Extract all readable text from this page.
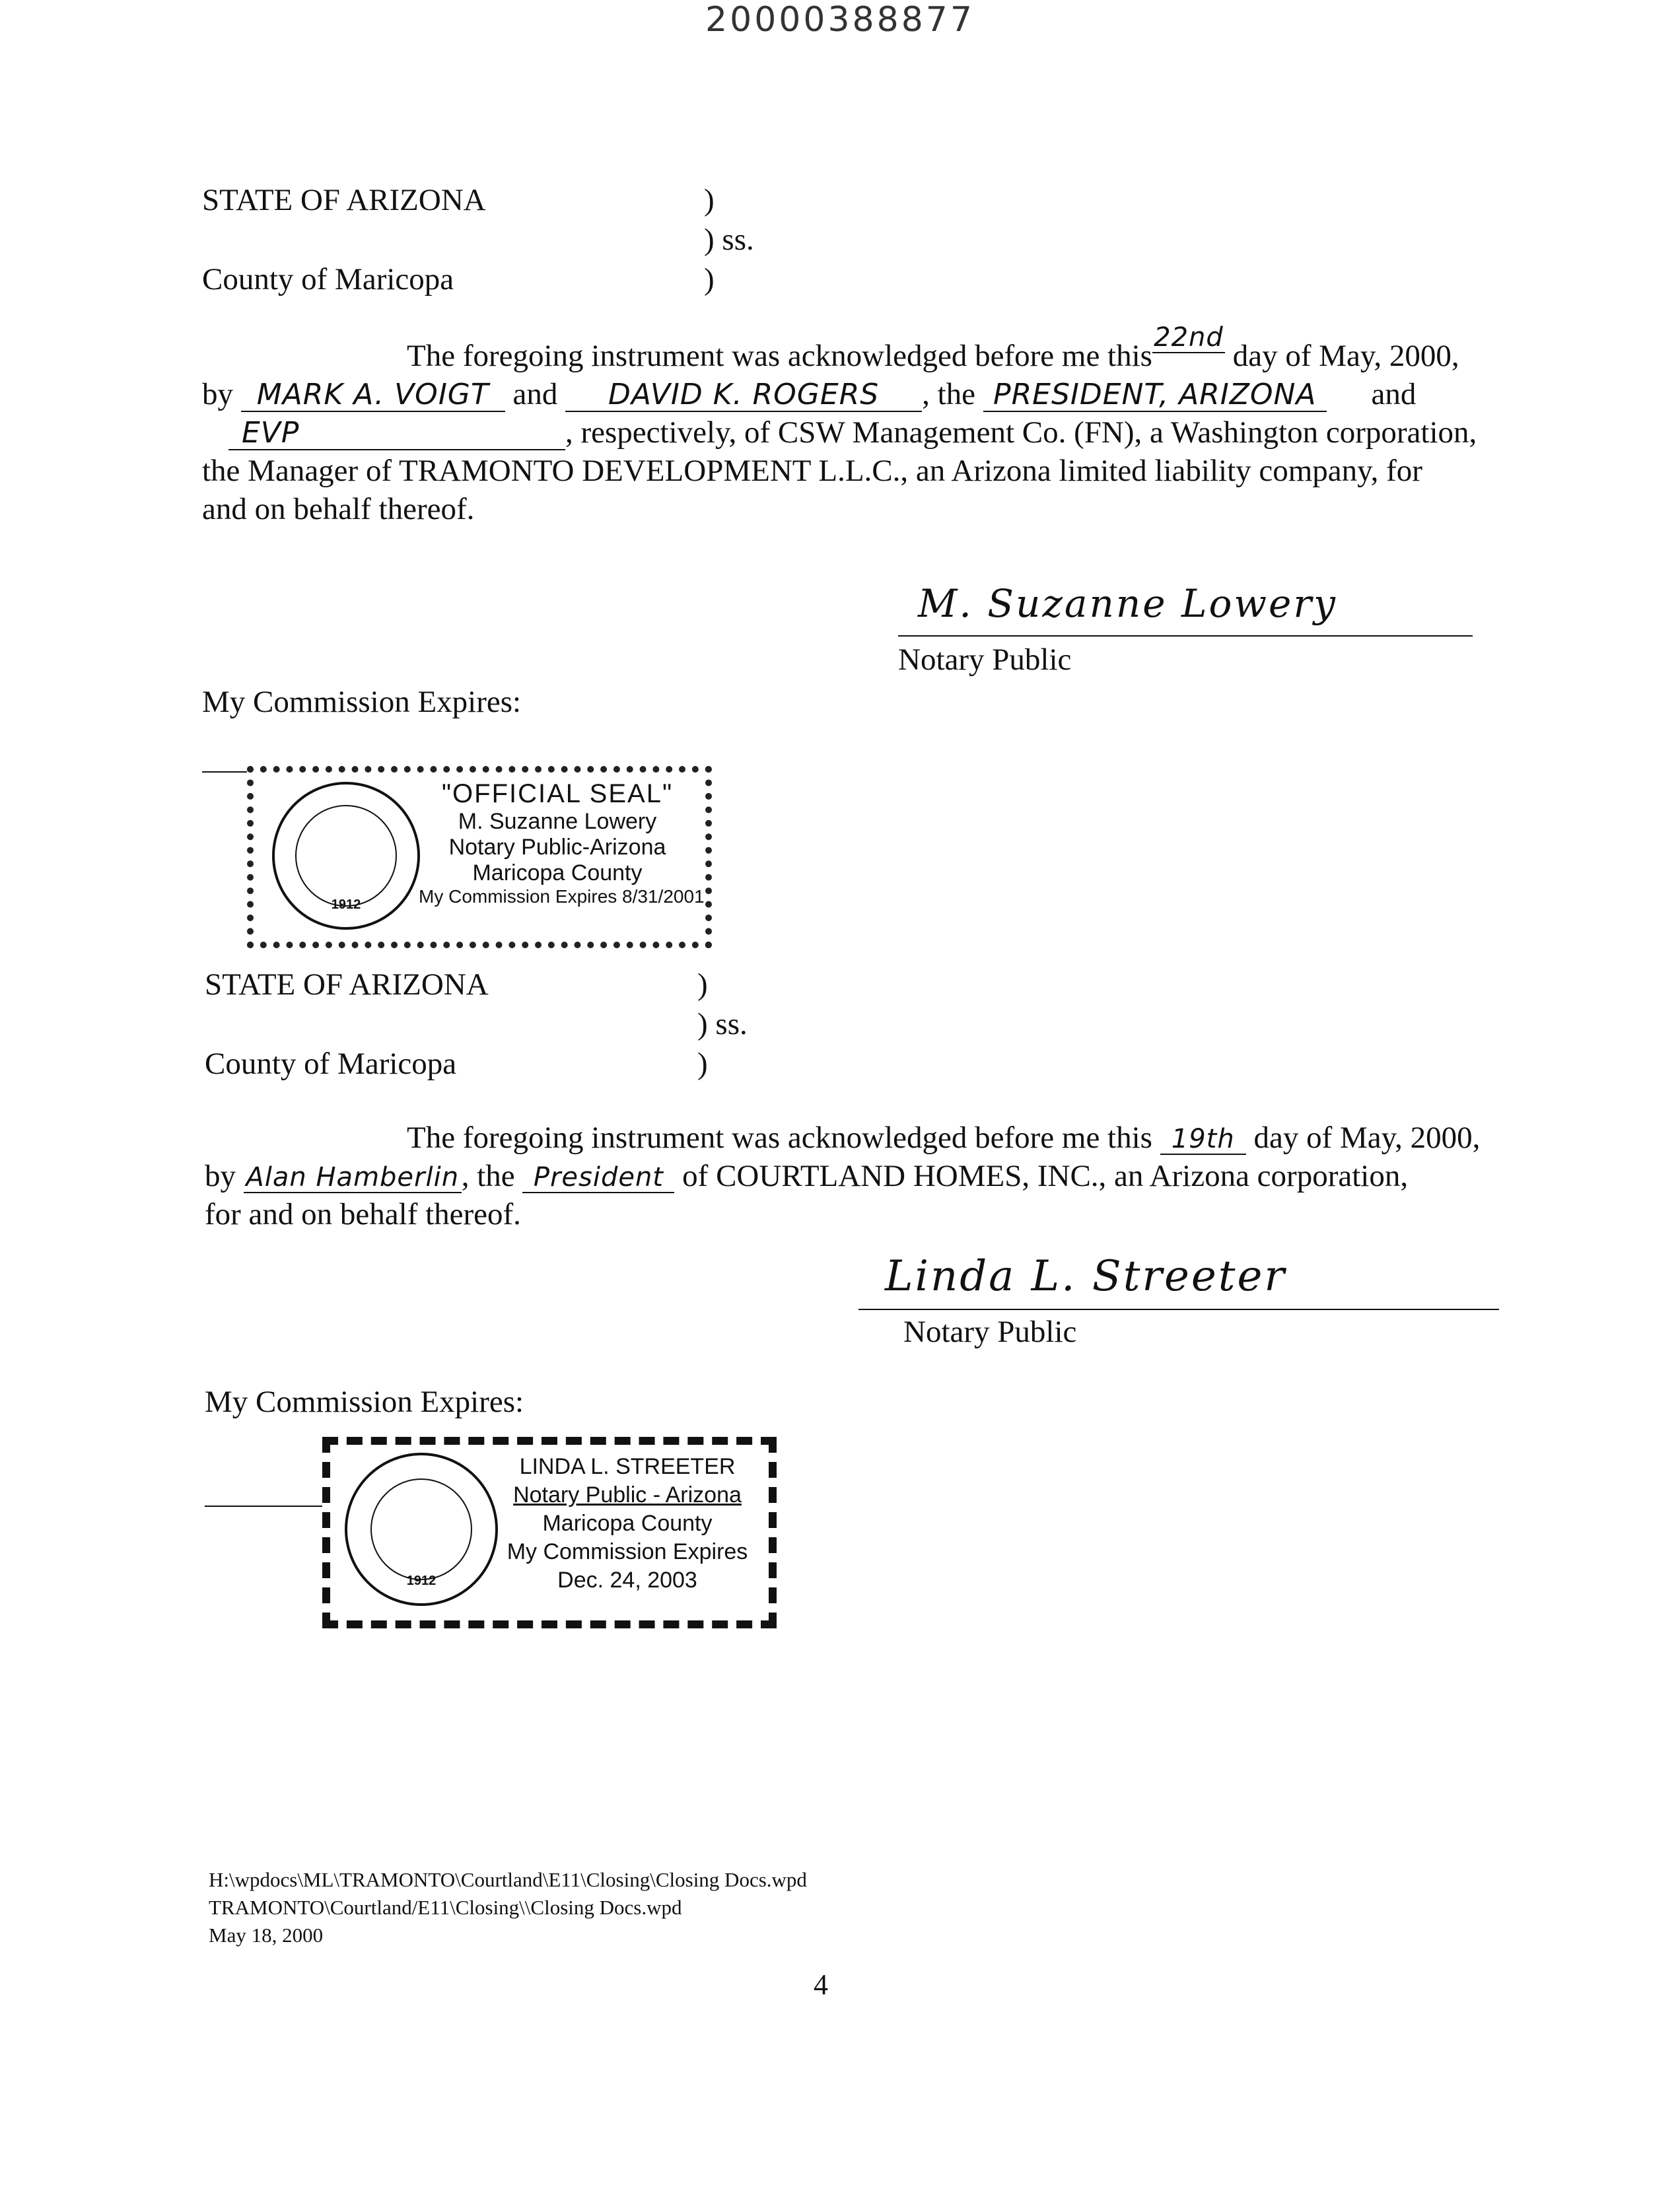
20000388877
STATE OF ARIZONA	)
) ss.
County of Maricopa	)
The foregoing instrument was acknowledged before me this22nd day of May, 2000,
by MARK A. VOIGT and DAVID K. ROGERS , the PRESIDENT, ARIZONA and
EVP	, respectively, of CSW Management Co. (FN), a Washington corporation,
the Manager of TRAMONTO DEVELOPMENT L.L.C., an Arizona limited liability company, for
and on behalf thereof.
M. Suzanne Lowery
Notary Public
My Commission Expires:
1912
"OFFICIAL SEAL"
M. Suzanne Lowery
Notary Public-Arizona
Maricopa County
My Commission Expires 8/31/2001
STATE OF ARIZONA	)
) ss.
County of Maricopa	)
The foregoing instrument was acknowledged before me this 19th day of May, 2000,
by Alan Hamberlin, the President of COURTLAND HOMES, INC., an Arizona corporation,
for and on behalf thereof.
Linda L. Streeter
Notary Public
My Commission Expires:
1912
LINDA L. STREETER
Notary Public - Arizona
Maricopa County
My Commission Expires
Dec. 24, 2003
H:\wpdocs\ML\TRAMONTO\Courtland\E11\Closing\Closing Docs.wpd
TRAMONTO\Courtland/E11\Closing\\Closing Docs.wpd
May 18, 2000
4
